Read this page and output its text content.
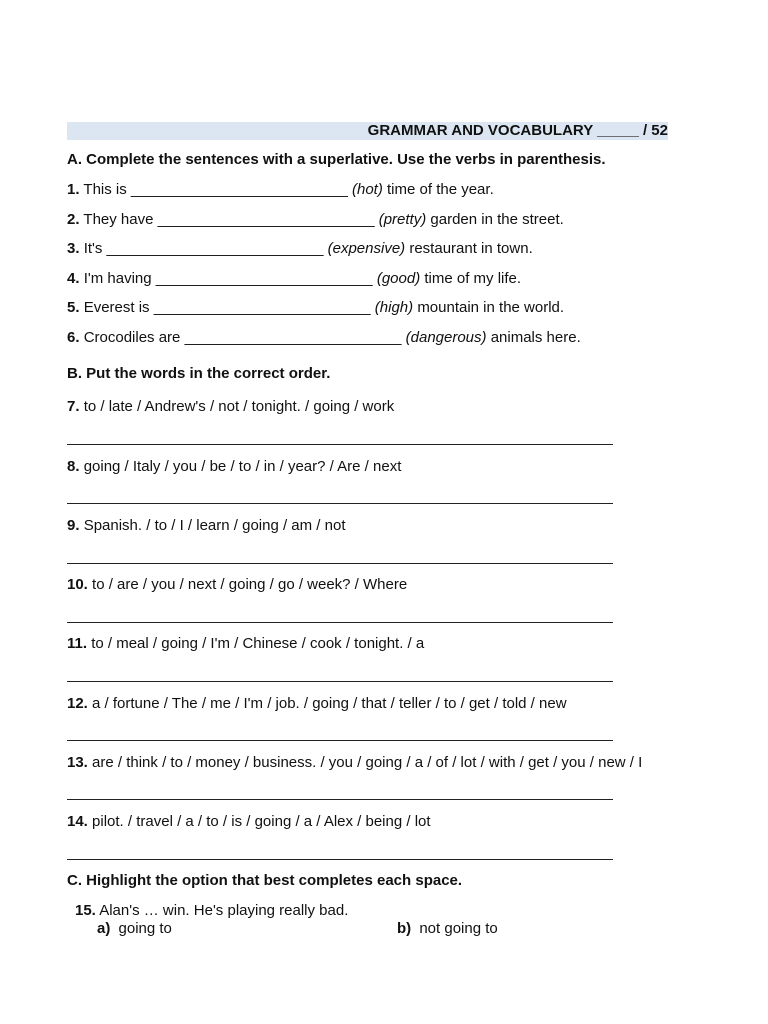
GRAMMAR AND VOCABULARY _____ / 52
A. Complete the sentences with a superlative. Use the verbs in parenthesis.
1. This is __________________________ (hot) time of the year.
2. They have __________________________ (pretty) garden in the street.
3. It's __________________________ (expensive) restaurant in town.
4. I'm having __________________________ (good) time of my life.
5. Everest is __________________________ (high) mountain in the world.
6. Crocodiles are __________________________ (dangerous) animals here.
B. Put the words in the correct order.
7. to / late / Andrew's / not / tonight. / going / work
8. going / Italy / you / be / to / in / year? / Are / next
9. Spanish. / to / I / learn / going / am / not
10. to / are / you / next / going / go / week? / Where
11. to / meal / going / I'm / Chinese / cook / tonight. / a
12. a / fortune / The / me / I'm / job. / going / that / teller / to / get / told / new
13. are / think / to / money / business. / you / going / a / of / lot / with / get / you / new / I
14. pilot. / travel / a / to / is / going / a / Alex / being / lot
C. Highlight the option that best completes each space.
15. Alan's … win. He's playing really bad.
a) going to	b) not going to
